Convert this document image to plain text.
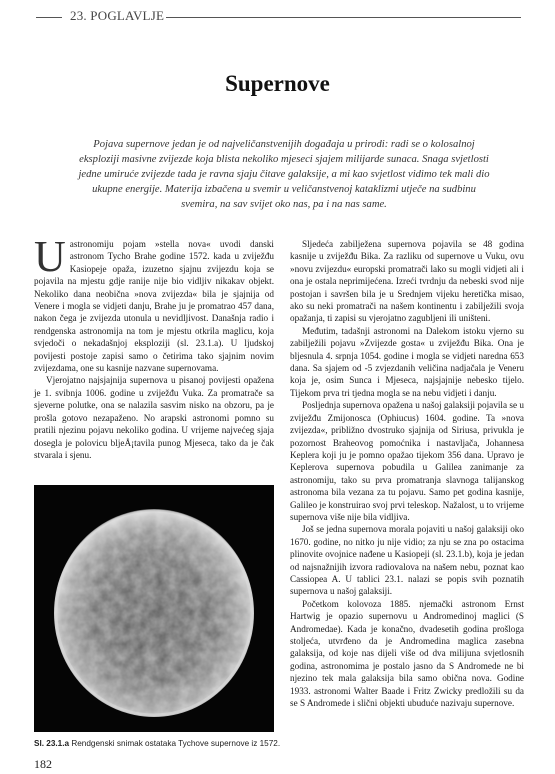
23. POGLAVLJE
Supernove
Pojava supernove jedan je od najveličanstvenijih događaja u prirodi: radi se o kolosalnoj eksploziji masivne zvijezde koja blista nekoliko mjeseci sjajem milijarde sunaca. Snaga svjetlosti jedne umiruće zvijezde tada je ravna sjaju čitave galaksije, a mi kao svjetlost vidimo tek mali dio ukupne energije. Materija izbačena u svemir u veličanstvenoj kataklizmi utječe na sudbinu svemira, na sav svijet oko nas, pa i na nas same.

Uastronomiju pojam »stella nova« uvodi danski astronom Tycho Brahe godine 1572. kada u zviježđu Kasiopeje opaža, izuzetno sjajnu zvijezdu koja se pojavila na mjestu gdje ranije nije bio vidljiv nikakav objekt. Nekoliko dana neobična »nova zvijezda« bila je sjajnija od Venere i mogla se vidjeti danju, Brahe ju je promatrao 457 dana, nakon čega je zvijezda utonula u nevidljivost. Današnja radio i rendgenska astronomija na tom je mjestu otkrila maglicu, koja svjedoči o nekadašnjoj eksploziji (sl. 23.1.a). U ljudskoj povijesti postoje zapisi samo o četirima tako sjajnim novim zvijezdama, one su kasnije nazvane supernovama.

Vjerojatno najsjajnija supernova u pisanoj povijesti opažena je 1. svibnja 1006. godine u zviježđu Vuka. Za promatrače sa sjeverne polutke, ona se nalazila sasvim nisko na obzoru, pa je prošla gotovo nezapaženo. No arapski astronomi pomno su pratili njezinu pojavu nekoliko godina. U vrijeme najvećeg sjaja dosegla je polovicu bljeÅ¡tavila punog Mjeseca, tako da je čak stvarala i sjenu.

Sl. 23.1.a Rendgenski snimak ostataka Tychove supernove iz 1572.
182

Sljedeća zabilježena supernova pojavila se 48 godina kasnije u zviježđu Bika. Za razliku od supernove u Vuku, ovu »novu zvijezdu« europski promatrači lako su mogli vidjeti ali i ona je ostala neprimijećena. Izreći tvrdnju da nebeski svod nije postojan i savršen bila je u Srednjem vijeku heretička misao, ako su neki promatrači na našem kontinentu i zabilježili svoja opažanja, ti zapisi su vjerojatno zagubljeni ili uništeni.

Međutim, tadašnji astronomi na Dalekom istoku vjerno su zabilježili pojavu »Zvijezde gosta« u zviježđu Bika. Ona je bljesnula 4. srpnja 1054. godine i mogla se vidjeti narednа 653 dana. Sa sjajem od -5 zvjezdanih veličina nadjačala je Veneru koja je, osim Sunca i Mjeseca, najsjajnije nebesko tijelo. Tijekom prva tri tjedna mogla se na nebu vidjeti i danju.

Posljednja supernova opažena u našoj galaksiji pojavila se u zviježđu Zmijonosca (Ophiucus) 1604. godine. Ta »nova zvijezda«, približno dvostruko sjajnija od Siriusa, privukla je pozornost Braheovog pomoćnika i nastavljača, Johannesa Keplera koji ju je pomno opažao tijekom 356 dana. Upravo je Keplerova supernova pobudila u Galilea zanimanje za astronomiju, tako su prva promatranja slavnoga talijanskog astronoma bila vezana za tu pojavu. Samo pet godina kasnije, Galileo je konstruirao svoj prvi teleskop. Nažalost, u to vrijeme supernova više nije bila vidljiva.

Još se jedna supernova morala pojaviti u našoj galaksiji oko 1670. godine, no nitko ju nije vidio; za nju se zna po ostacima plinovite ovojnice nađene u Kasiopeji (sl. 23.1.b), koja je jedan od najsnažnijih izvora radiovalova na našem nebu, poznat kao Cassiopea A. U tablici 23.1. nalazi se popis svih poznatih supernova u našoj galaksiji.

Početkom kolovoza 1885. njemački astronom Ernst Hartwig je opazio supernovu u Andromedinoj maglici (S Andromedae). Kada je konačno, dvadesetih godina prošloga stoljeća, utvrđeno da je Andromedina maglica zasebna galaksija, od koje nas dijeli više od dva milijuna svjetlosnih godina, astronomima je postalo jasno da S Andromede ne bi njezino tek mala galaksija bila samo obična nova. Godine 1933. astronomi Walter Baade i Fritz Zwicky predložili su da se S Andromede i slični objekti ubuduće nazivaju supernove.
